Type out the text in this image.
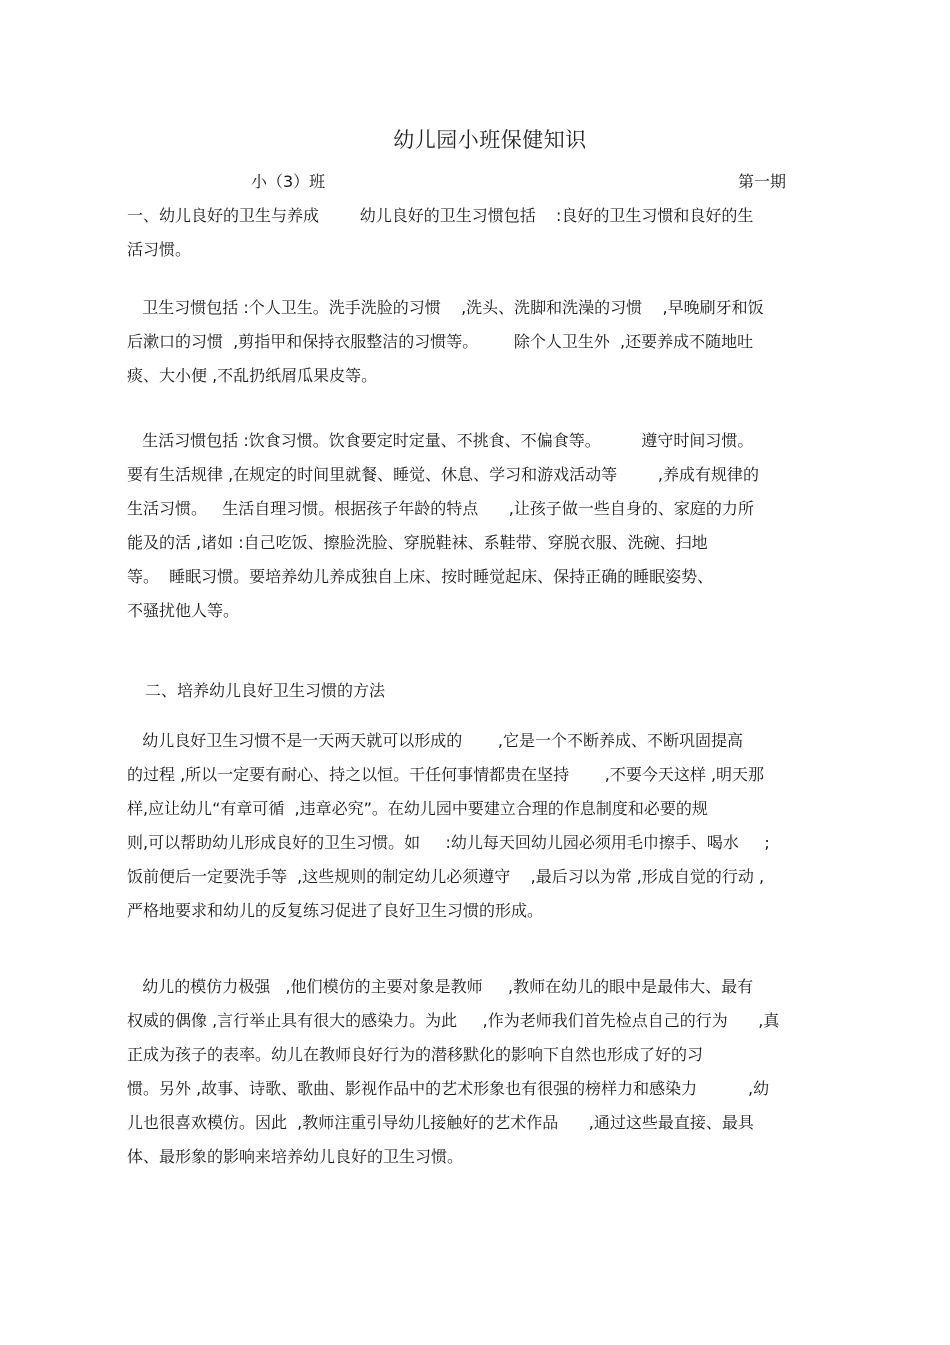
幼儿园小班保健知识
小（3）班	第一期

一、幼儿良好的卫生与养成        幼儿良好的卫生习惯包括    :良好的卫生习惯和良好的生
活习惯。

卫生习惯包括 :个人卫生。洗手洗脸的习惯    ,洗头、洗脚和洗澡的习惯    ,早晚刷牙和饭
后漱口的习惯  ,剪指甲和保持衣服整洁的习惯等。       除个人卫生外  ,还要养成不随地吐
痰、大小便 ,不乱扔纸屑瓜果皮等。

生活习惯包括 :饮食习惯。饮食要定时定量、不挑食、不偏食等。        遵守时间习惯。
要有生活规律 ,在规定的时间里就餐、睡觉、休息、学习和游戏活动等        ,养成有规律的
生活习惯。   生活自理习惯。根据孩子年龄的特点      ,让孩子做一些自身的、家庭的力所
能及的活 ,诸如 :自己吃饭、擦脸洗脸、穿脱鞋袜、系鞋带、穿脱衣服、洗碗、扫地
等。  睡眠习惯。要培养幼儿养成独自上床、按时睡觉起床、保持正确的睡眠姿势、
不骚扰他人等。

二、培养幼儿良好卫生习惯的方法

幼儿良好卫生习惯不是一天两天就可以形成的       ,它是一个不断养成、不断巩固提高
的过程 ,所以一定要有耐心、持之以恒。干任何事情都贵在坚持       ,不要今天这样 ,明天那
样,应让幼儿“有章可循  ,违章必究”。在幼儿园中要建立合理的作息制度和必要的规
则,可以帮助幼儿形成良好的卫生习惯。如     :幼儿每天回幼儿园必须用毛巾擦手、喝水     ;
饭前便后一定要洗手等  ,这些规则的制定幼儿必须遵守    ,最后习以为常 ,形成自觉的行动 ,
严格地要求和幼儿的反复练习促进了良好卫生习惯的形成。

幼儿的模仿力极强   ,他们模仿的主要对象是教师     ,教师在幼儿的眼中是最伟大、最有
权威的偶像 ,言行举止具有很大的感染力。为此     ,作为老师我们首先检点自己的行为      ,真
正成为孩子的表率。幼儿在教师良好行为的潜移默化的影响下自然也形成了好的习
惯。另外 ,故事、诗歌、歌曲、影视作品中的艺术形象也有很强的榜样力和感染力          ,幼
儿也很喜欢模仿。因此  ,教师注重引导幼儿接触好的艺术作品      ,通过这些最直接、最具
体、最形象的影响来培养幼儿良好的卫生习惯。
